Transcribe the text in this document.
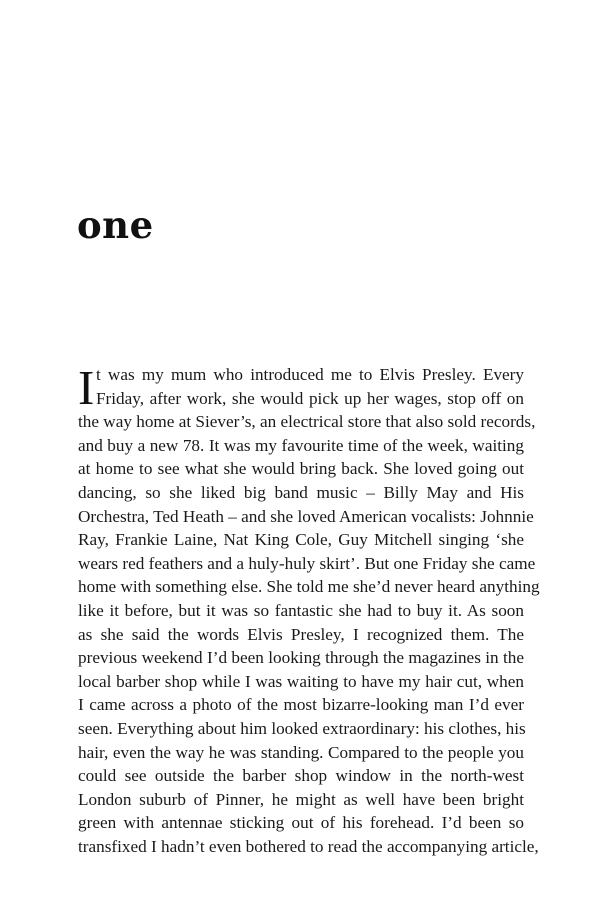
one
I t was my mum who introduced me to Elvis Presley. Every
Friday, after work, she would pick up her wages, stop off on
the way home at Siever’s, an electrical store that also sold records,
and buy a new 78. It was my favourite time of the week, waiting
at home to see what she would bring back. She loved going out
dancing, so she liked big band music – Billy May and His
Orchestra, Ted Heath – and she loved American vocalists: Johnnie
Ray, Frankie Laine, Nat King Cole, Guy Mitchell singing ‘she
wears red feathers and a huly-huly skirt’. But one Friday she came
home with something else. She told me she’d never heard anything
like it before, but it was so fantastic she had to buy it. As soon
as she said the words Elvis Presley, I recognized them. The
previous weekend I’d been looking through the magazines in the
local barber shop while I was waiting to have my hair cut, when
I came across a photo of the most bizarre-looking man I’d ever
seen. Everything about him looked extraordinary: his clothes, his
hair, even the way he was standing. Compared to the people you
could see outside the barber shop window in the north-west
London suburb of Pinner, he might as well have been bright
green with antennae sticking out of his forehead. I’d been so
transfixed I hadn’t even bothered to read the accompanying article,
